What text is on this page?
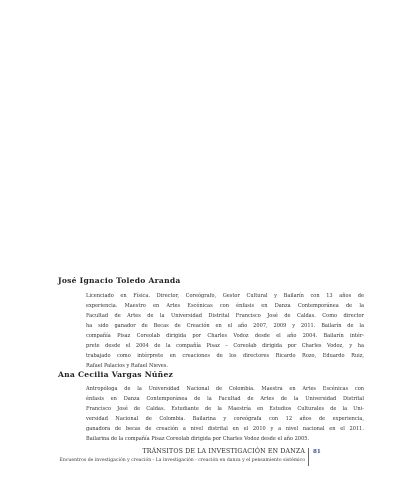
José Ignacio Toledo Aranda
Licenciado en Física. Director, Coreógrafo, Gestor Cultural y Bailarín con 13 años de
experiencia. Maestro en Artes Escénicas con énfasis en Danza Contemporánea de la
Facultad de Artes de la Universidad Distrital Francisco José de Caldas. Como director
ha sido ganador de Becas de Creación en el año 2007, 2009 y 2011. Bailarín de la
compañía Pisaz Coreolab dirigida por Charles Vodoz desde el año 2004. Bailarín intér-
prete desde el 2004 de la compañía Pisaz – Coreolab dirigida por Charles Vodoz, y ha
trabajado como intérprete en creaciones de los directores Ricardo Rozo, Eduardo Ruiz,
Rafael Palacios y Rafael Nieves.
Ana Cecilia Vargas Núñez
Antropóloga de la Universidad Nacional de Colombia. Maestra en Artes Escénicas con
énfasis en Danza Contemporánea de la Facultad de Artes de la Universidad Distrital
Francisco José de Caldas. Estudiante de la Maestría en Estudios Culturales de la Uni-
versidad Nacional de Colombia. Bailarina y coreógrafa con 12 años de experiencia,
ganadora de becas de creación a nivel distrital en el 2010 y a nivel nacional en el 2011.
Bailarina de la compañía Pisaz Coreolab dirigida por Charles Vodoz desde el año 2005.
TRÁNSITOS DE LA INVESTIGACIÓN EN DANZA
Encuentros de investigación y creación - La investigación - creación en danza y el pensamiento sistémico
81
